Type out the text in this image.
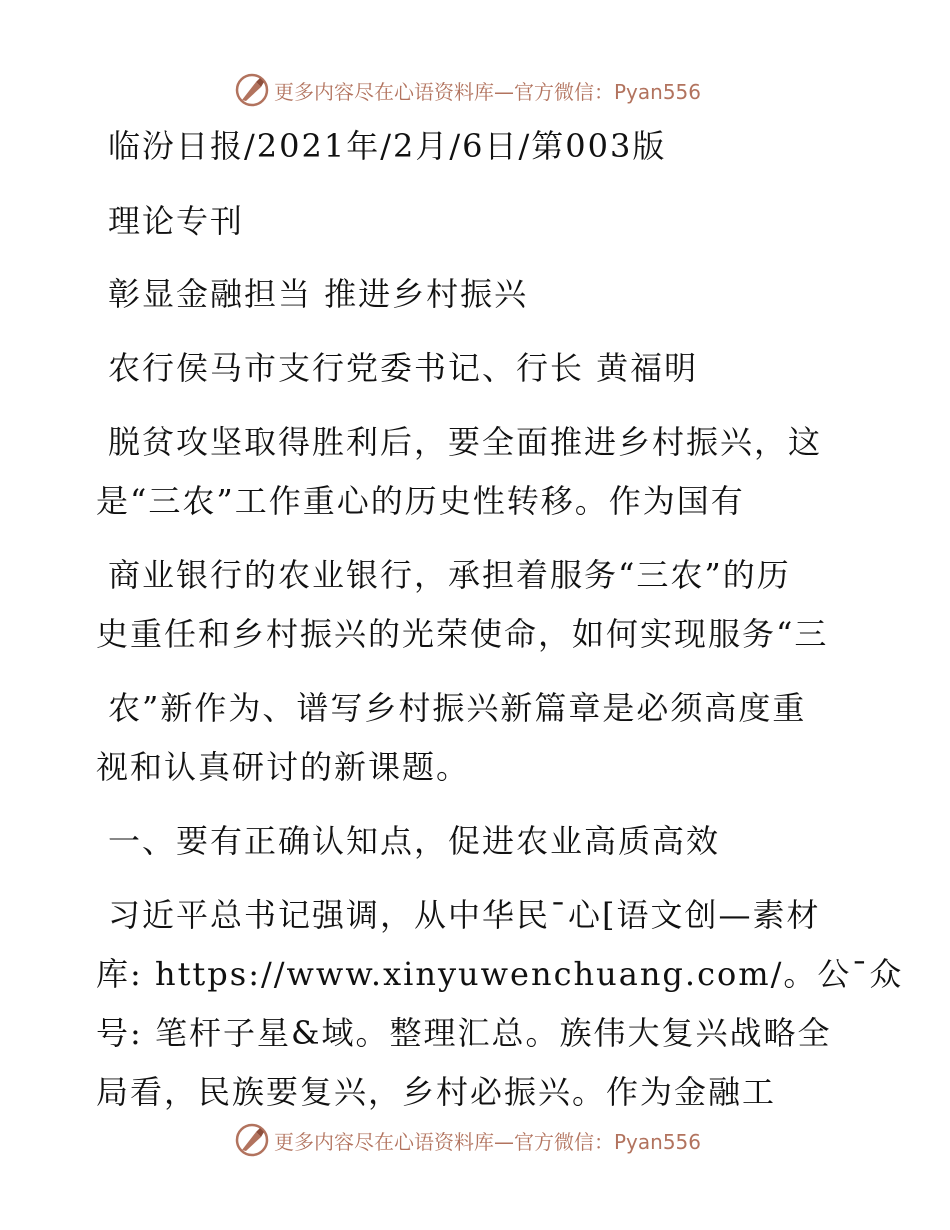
更多内容尽在心语资料库—官方微信：Pyan556
临汾日报/2021年/2月/6日/第003版
理论专刊
彰显金融担当 推进乡村振兴
农行侯马市支行党委书记、行长 黄福明
脱贫攻坚取得胜利后，要全面推进乡村振兴，这
是“三农”工作重心的历史性转移。作为国有
商业银行的农业银行，承担着服务“三农”的历
史重任和乡村振兴的光荣使命，如何实现服务“三
农”新作为、谱写乡村振兴新篇章是必须高度重
视和认真研讨的新课题。
一、要有正确认知点，促进农业高质高效
习近平总书记强调，从中华民¯心[语文创—素材
库: https://www.xinyuwenchuang.com/。公¯众
号: 笔杆子星&域。整理汇总。族伟大复兴战略全
局看，民族要复兴，乡村必振兴。作为金融工
更多内容尽在心语资料库—官方微信：Pyan556
